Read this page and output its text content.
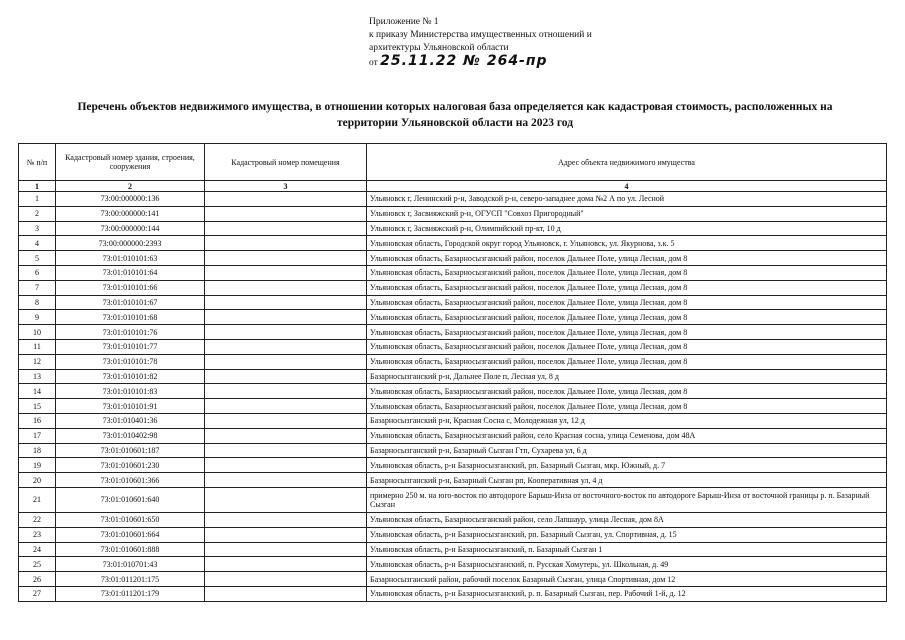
Приложение № 1
к приказу Министерства имущественных отношений и
архитектуры Ульяновской области
от 25.11.22 № 264-пр
Перечень объектов недвижимого имущества, в отношении которых налоговая база определяется как кадастровая стоимость, расположенных на
территории Ульяновской области на 2023 год
№ п/п	Кадастровый номер здания, строения, сооружения	Кадастровый номер помещения	Адрес объекта недвижимого имущества
1	2	3	4
1	73:00:000000:136		Ульяновск г, Ленинский р-н, Заводской р-н, северо-западнее дома №2 А по ул. Лесной
2	73:00:000000:141		Ульяновск г, Засвияжский р-н, ОГУСП "Совхоз Пригородный"
3	73:00:000000:144		Ульяновск г, Засвияжский р-н, Олимпийский пр-кт, 10 д
4	73:00:000000:2393		Ульяновская область, Городской округ город Ульяновск, г. Ульяновск, ул. Якурнова, з.к. 5
5	73:01:010101:63		Ульяновская область, Базарносызганский район, поселок Дальнее Поле, улица Лесная, дом 8
6	73:01:010101:64		Ульяновская область, Базарносызганский район, поселок Дальнее Поле, улица Лесная, дом 8
7	73:01:010101:66		Ульяновская область, Базарносызганский район, поселок Дальнее Поле, улица Лесная, дом 8
8	73:01:010101:67		Ульяновская область, Базарносызганский район, поселок Дальнее Поле, улица Лесная, дом 8
9	73:01:010101:68		Ульяновская область, Базарносызганский район, поселок Дальнее Поле, улица Лесная, дом 8
10	73:01:010101:76		Ульяновская область, Базарносызганский район, поселок Дальнее Поле, улица Лесная, дом 8
11	73:01:010101:77		Ульяновская область, Базарносызганский район, поселок Дальнее Поле, улица Лесная, дом 8
12	73:01:010101:78		Ульяновская область, Базарносызганский район, поселок Дальнее Поле, улица Лесная, дом 8
13	73:01:010101:82		Базарносызганский р-н, Дальнее Поле п, Лесная ул, 8 д
14	73:01:010101:83		Ульяновская область, Базарносызганский район, поселок Дальнее Поле, улица Лесная, дом 8
15	73:01:010101:91		Ульяновская область, Базарносызганский район, поселок Дальнее Поле, улица Лесная, дом 8
16	73:01:010401:36		Базарносызганский р-н, Красная Сосна с, Молодежная ул, 12 д
17	73:01:010402:98		Ульяновская область, Базарносызганский район, село Красная сосна, улица Семенова, дом 48А
18	73:01:010601:187		Базарносызганский р-н, Базарный Сызган Гтп, Сухарева ул, 6 д
19	73:01:010601:230		Ульяновская область, р-н Базарносызганский, рп. Базарный Сызган, мкр. Южный, д. 7
20	73:01:010601:366		Базарносызганский р-н, Базарный Сызган рп, Кооперативная ул, 4 д
21	73:01:010601:640		примерно 250 м. на юго-восток по автодороге Барыш-Инза от восточного-восток по автодороге Барыш-Инза от восточной границы р. п. Базарный Сызган
22	73:01:010601:650		Ульяновская область, Базарносызганский район, село Лапшаур, улица Лесная, дом 8А
23	73:01:010601:664		Ульяновская область, р-н Базарносызганский, рп. Базарный Сызган, ул. Спортивная, д. 15
24	73:01:010601:888		Ульяновская область, р-н Базарносызганский, п. Базарный Сызган 1
25	73:01:010701:43		Ульяновская область, р-н Базарносызганский, п. Русская Хомутерь, ул. Школьная, д. 49
26	73:01:011201:175		Базарносызганский район, рабочий поселок Базарный Сызган, улица Спортивная, дом 12
27	73:01:011201:179		Ульяновская область, р-н Базарносызганский, р. п. Базарный Сызган, пер. Рабочий 1-й, д. 12
